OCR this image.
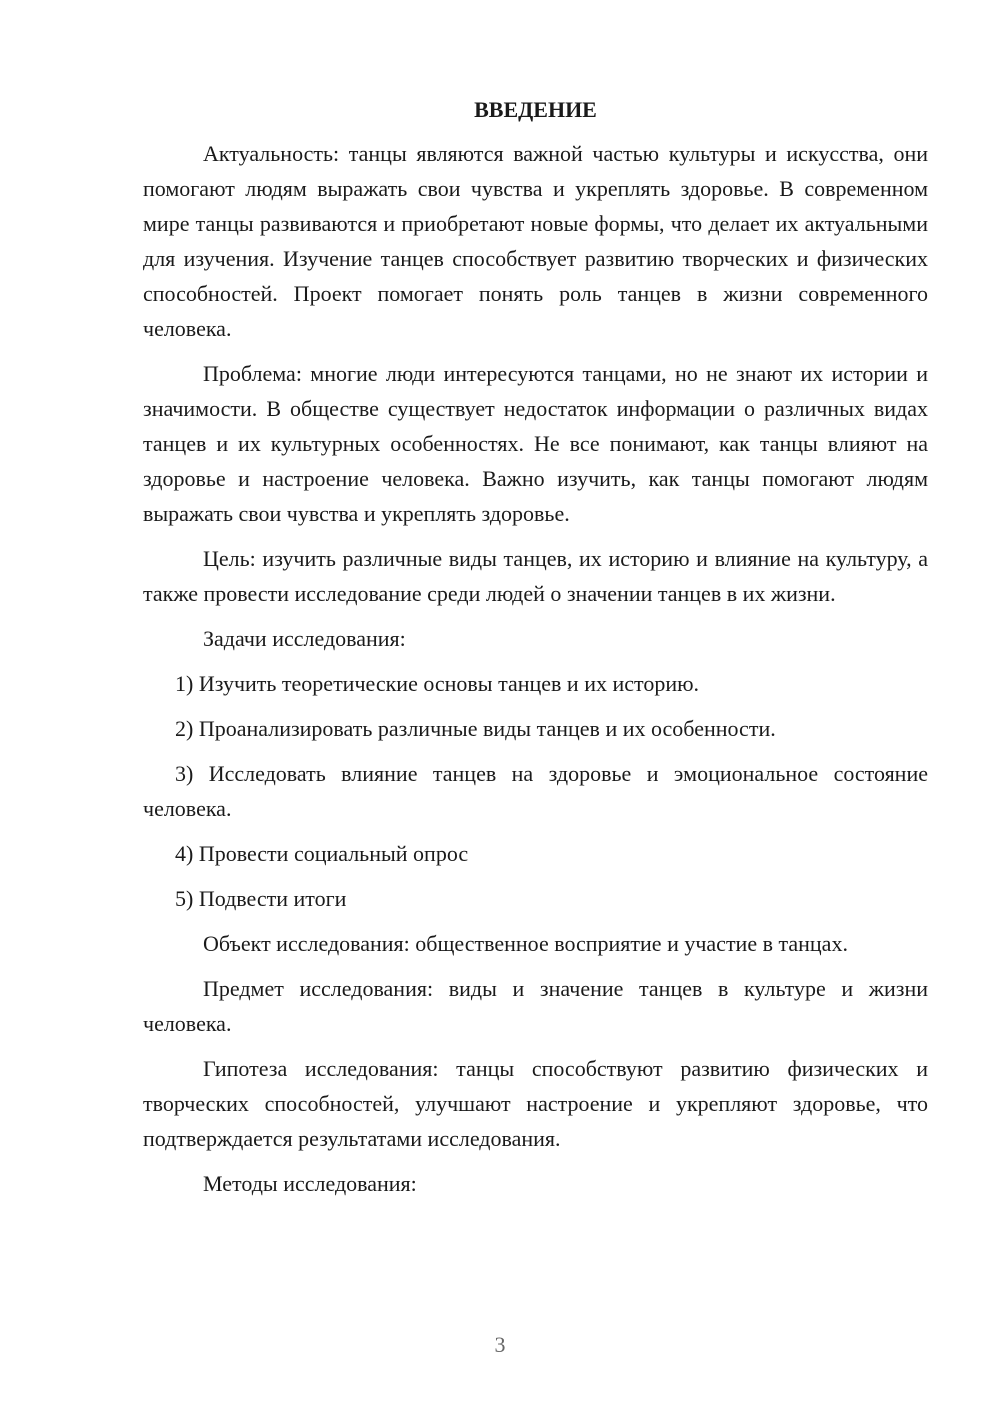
ВВЕДЕНИЕ

Актуальность: танцы являются важной частью культуры и искусства, они помогают людям выражать свои чувства и укреплять здоровье. В современном мире танцы развиваются и приобретают новые формы, что делает их актуальными для изучения. Изучение танцев способствует развитию творческих и физических способностей. Проект помогает понять роль танцев в жизни современного человека.

Проблема: многие люди интересуются танцами, но не знают их истории и значимости. В обществе существует недостаток информации о различных видах танцев и их культурных особенностях. Не все понимают, как танцы влияют на здоровье и настроение человека. Важно изучить, как танцы помогают людям выражать свои чувства и укреплять здоровье.

Цель: изучить различные виды танцев, их историю и влияние на культуру, а также провести исследование среди людей о значении танцев в их жизни.

Задачи исследования:

1) Изучить теоретические основы танцев и их историю.

2) Проанализировать различные виды танцев и их особенности.

3) Исследовать влияние танцев на здоровье и эмоциональное состояние человека.

4) Провести социальный опрос

5) Подвести итоги

Объект исследования: общественное восприятие и участие в танцах.

Предмет исследования: виды и значение танцев в культуре и жизни человека.

Гипотеза исследования: танцы способствуют развитию физических и творческих способностей, улучшают настроение и укрепляют здоровье, что подтверждается результатами исследования.

Методы исследования:

3
